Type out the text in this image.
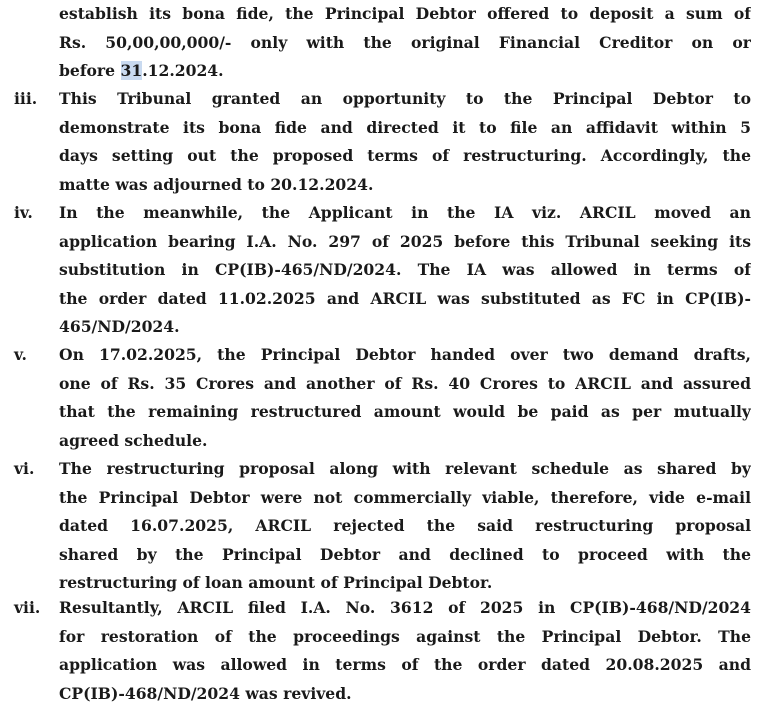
establish its bona fide, the Principal Debtor offered to deposit a sum of
Rs. 50,00,00,000/- only with the original Financial Creditor on or
before 31.12.2024.
iii.	This Tribunal granted an opportunity to the Principal Debtor to
demonstrate its bona fide and directed it to file an affidavit within 5
days setting out the proposed terms of restructuring. Accordingly, the
matte was adjourned to 20.12.2024.
iv.	In the meanwhile, the Applicant in the IA viz. ARCIL moved an
application bearing I.A. No. 297 of 2025 before this Tribunal seeking its
substitution in CP(IB)-465/ND/2024. The IA was allowed in terms of
the order dated 11.02.2025 and ARCIL was substituted as FC in CP(IB)-
465/ND/2024.
v.	On 17.02.2025, the Principal Debtor handed over two demand drafts,
one of Rs. 35 Crores and another of Rs. 40 Crores to ARCIL and assured
that the remaining restructured amount would be paid as per mutually
agreed schedule.
vi.	The restructuring proposal along with relevant schedule as shared by
the Principal Debtor were not commercially viable, therefore, vide e-mail
dated 16.07.2025, ARCIL rejected the said restructuring proposal
shared by the Principal Debtor and declined to proceed with the
restructuring of loan amount of Principal Debtor.
vii.	Resultantly, ARCIL filed I.A. No. 3612 of 2025 in CP(IB)-468/ND/2024
for restoration of the proceedings against the Principal Debtor. The
application was allowed in terms of the order dated 20.08.2025 and
CP(IB)-468/ND/2024 was revived.
